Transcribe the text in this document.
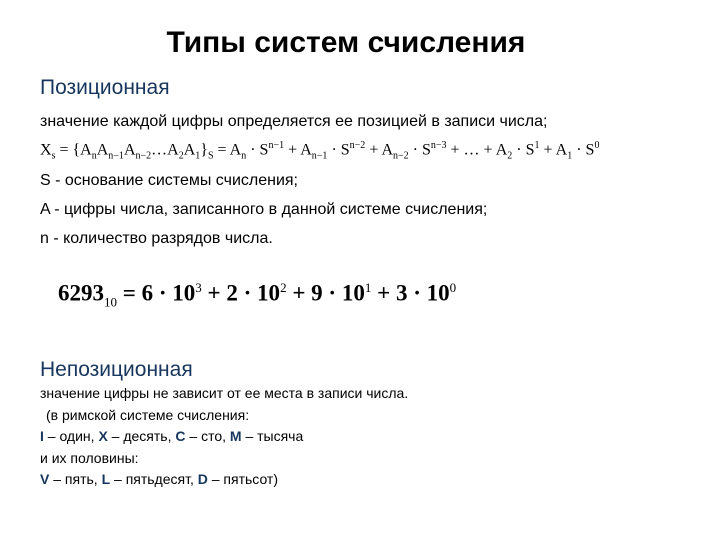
Типы систем счисления
Позиционная
значение каждой цифры определяется ее позицией в записи числа;
$X_s$ = $\{A_nA_{n-1}A_{n-2}\dots A_2A_1\}_S = A_n \cdot S^{n-1} + A_{n-1} \cdot S^{n-2} + A_{n-2} \cdot S^{n-3}$ + … + $A_2 \cdot S^1 + A_1 \cdot S^0$
S - основание системы счисления;
A - цифры числа, записанного в данной системе счисления;
n - количество разрядов числа.
$6293_{10} = 6 \cdot 10^3 + 2 \cdot 10^2 + 9 \cdot 10^1 + 3 \cdot 10^0$
Непозиционная
значение цифры не зависит от ее места в записи числа.
(в римской системе счисления:
I – один, X – десять, C – сто, M – тысяча
и их половины:
V – пять, L – пятьдесят, D – пятьсот)
